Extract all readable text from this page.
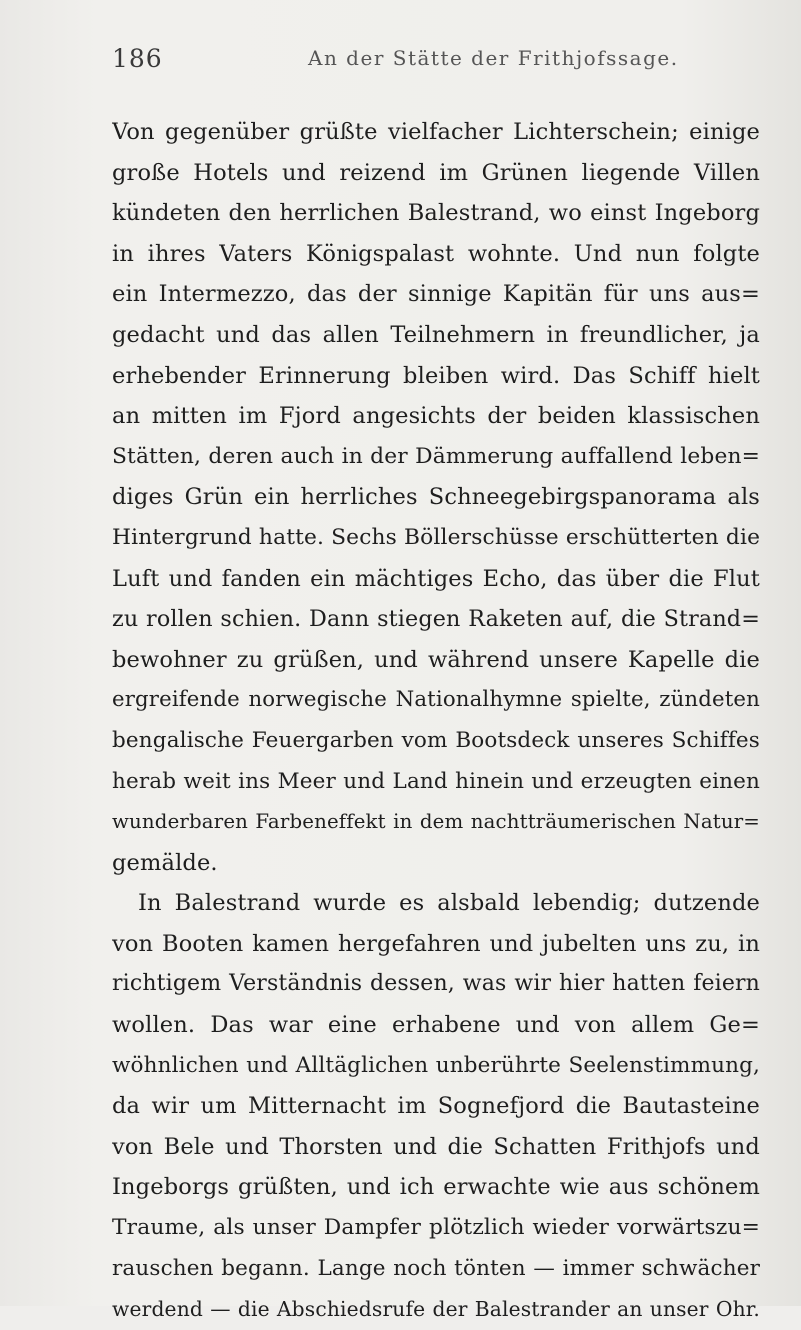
186	An der Stätte der Frithjofssage.
Von gegenüber grüßte vielfacher Lichterschein; einige
große Hotels und reizend im Grünen liegende Villen
kündeten den herrlichen Balestrand, wo einst Ingeborg
in ihres Vaters Königspalast wohnte. Und nun folgte
ein Intermezzo, das der sinnige Kapitän für uns aus=
gedacht und das allen Teilnehmern in freundlicher, ja
erhebender Erinnerung bleiben wird. Das Schiff hielt
an mitten im Fjord angesichts der beiden klassischen
Stätten, deren auch in der Dämmerung auffallend leben=
diges Grün ein herrliches Schneegebirgspanorama als
Hintergrund hatte. Sechs Böllerschüsse erschütterten die
Luft und fanden ein mächtiges Echo, das über die Flut
zu rollen schien. Dann stiegen Raketen auf, die Strand=
bewohner zu grüßen, und während unsere Kapelle die
ergreifende norwegische Nationalhymne spielte, zündeten
bengalische Feuergarben vom Bootsdeck unseres Schiffes
herab weit ins Meer und Land hinein und erzeugten einen
wunderbaren Farbeneffekt in dem nachtträumerischen Natur=
gemälde.
In Balestrand wurde es alsbald lebendig; dutzende
von Booten kamen hergefahren und jubelten uns zu, in
richtigem Verständnis dessen, was wir hier hatten feiern
wollen. Das war eine erhabene und von allem Ge=
wöhnlichen und Alltäglichen unberührte Seelenstimmung,
da wir um Mitternacht im Sognefjord die Bautasteine
von Bele und Thorsten und die Schatten Frithjofs und
Ingeborgs grüßten, und ich erwachte wie aus schönem
Traume, als unser Dampfer plötzlich wieder vorwärtszu=
rauschen begann. Lange noch tönten — immer schwächer
werdend — die Abschiedsrufe der Balestrander an unser Ohr.
